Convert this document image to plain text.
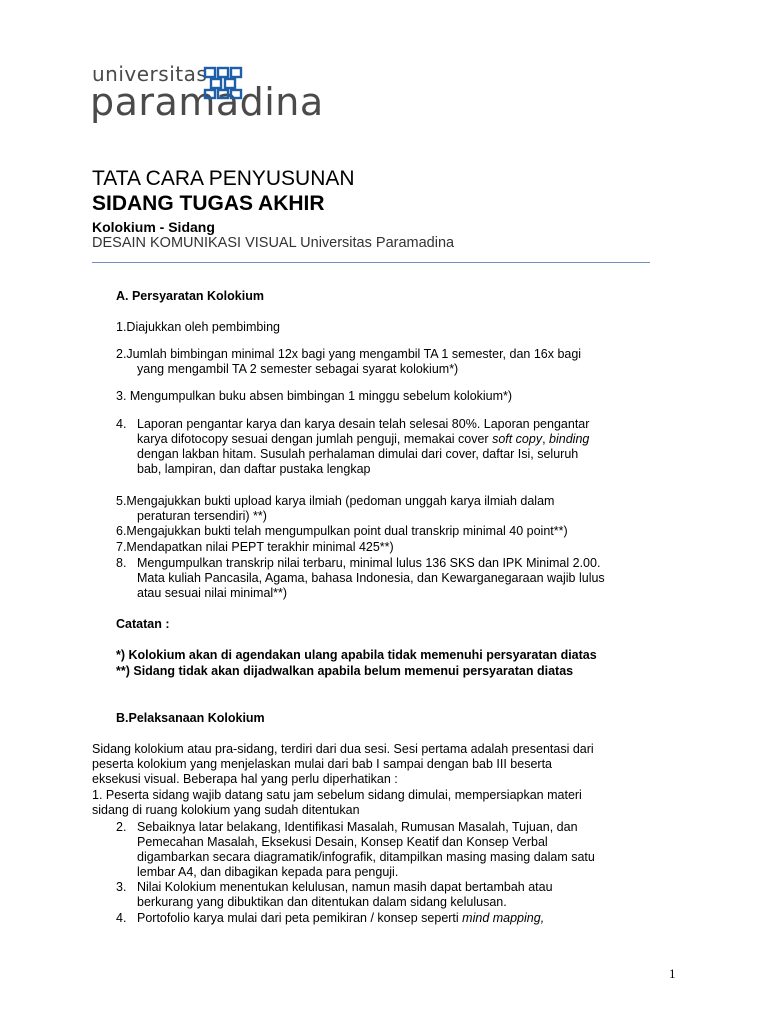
universitas
paramadina
TATA CARA PENYUSUNAN
SIDANG TUGAS AKHIR
Kolokium - Sidang
DESAIN KOMUNIKASI VISUAL Universitas Paramadina
A. Persyaratan Kolokium
1.Diajukkan oleh pembimbing
2.Jumlah bimbingan minimal 12x bagi yang mengambil TA 1 semester, dan 16x bagi
yang mengambil TA 2 semester sebagai syarat kolokium*)
3. Mengumpulkan buku absen bimbingan 1 minggu sebelum kolokium*)
4. Laporan pengantar karya dan karya desain telah selesai 80%. Laporan pengantar
karya difotocopy sesuai dengan jumlah penguji, memakai cover soft copy, binding
dengan lakban hitam. Susulah perhalaman dimulai dari cover, daftar Isi, seluruh
bab, lampiran, dan daftar pustaka lengkap
5.Mengajukkan bukti upload karya ilmiah (pedoman unggah karya ilmiah dalam
peraturan tersendiri) **)
6.Mengajukkan bukti telah mengumpulkan point dual transkrip minimal 40 point**)
7.Mendapatkan nilai PEPT terakhir minimal 425**)
8. Mengumpulkan transkrip nilai terbaru, minimal lulus 136 SKS dan IPK Minimal 2.00.
Mata kuliah Pancasila, Agama, bahasa Indonesia, dan Kewarganegaraan wajib lulus
atau sesuai nilai minimal**)
Catatan :
*) Kolokium akan di agendakan ulang apabila tidak memenuhi persyaratan diatas
**) Sidang tidak akan dijadwalkan apabila belum memenui persyaratan diatas
B.Pelaksanaan Kolokium
Sidang kolokium atau pra-sidang, terdiri dari dua sesi. Sesi pertama adalah presentasi dari
peserta kolokium yang menjelaskan mulai dari bab I sampai dengan bab III beserta
eksekusi visual. Beberapa hal yang perlu diperhatikan :
1. Peserta sidang wajib datang satu jam sebelum sidang dimulai, mempersiapkan materi
sidang di ruang kolokium yang sudah ditentukan
2. Sebaiknya latar belakang, Identifikasi Masalah, Rumusan Masalah, Tujuan, dan
Pemecahan Masalah, Eksekusi Desain, Konsep Keatif dan Konsep Verbal
digambarkan secara diagramatik/infografik, ditampilkan masing masing dalam satu
lembar A4, dan dibagikan kepada para penguji.
3. Nilai Kolokium menentukan kelulusan, namun masih dapat bertambah atau
berkurang yang dibuktikan dan ditentukan dalam sidang kelulusan.
4. Portofolio karya mulai dari peta pemikiran / konsep seperti mind mapping,
1
